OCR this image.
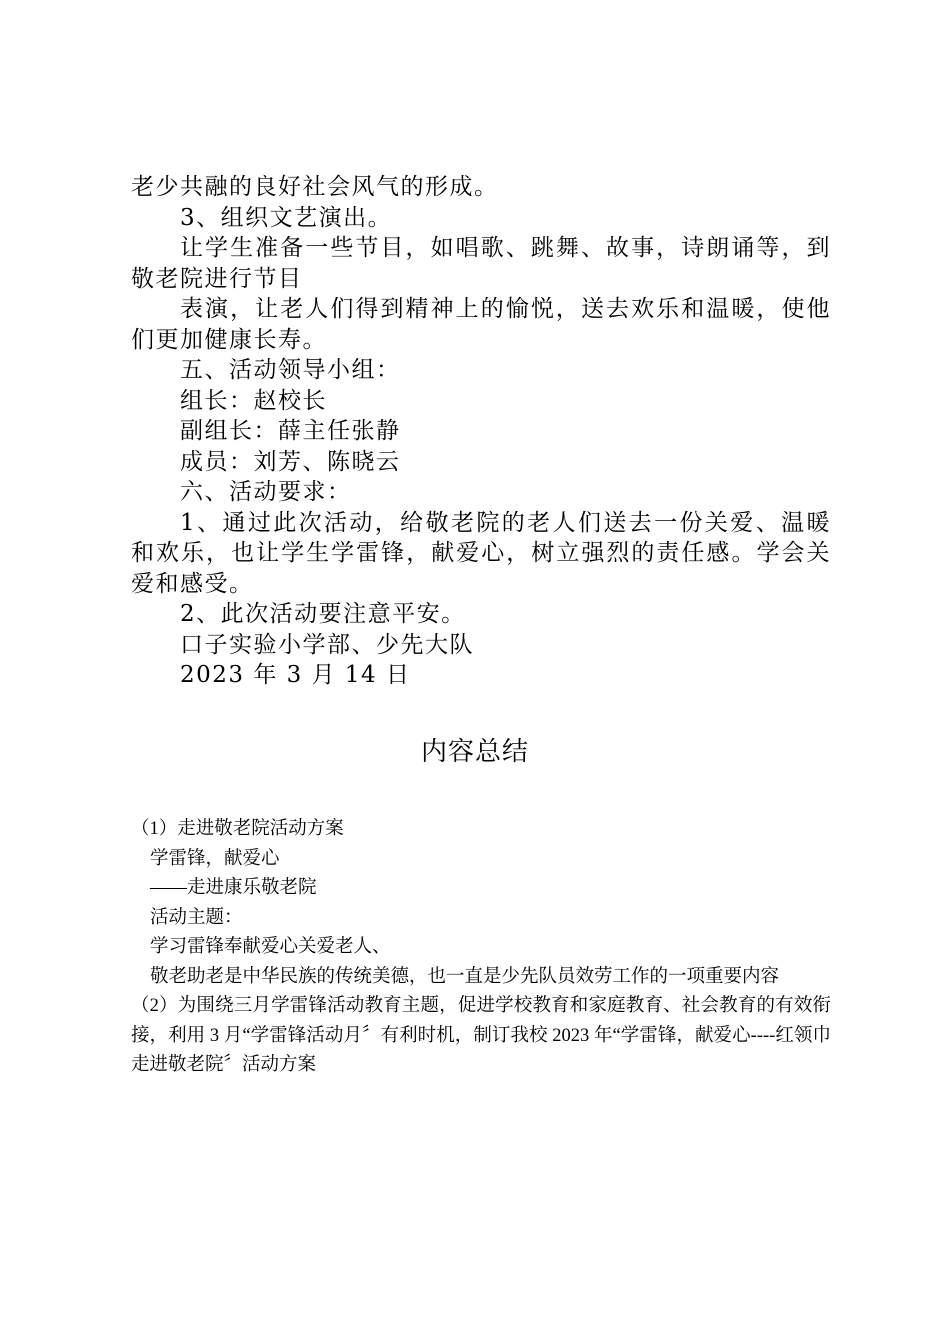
老少共融的良好社会风气的形成。

3、组织文艺演出。

让学生准备一些节目，如唱歌、跳舞、故事，诗朗诵等，到敬老院进行节目

表演，让老人们得到精神上的愉悦，送去欢乐和温暖，使他们更加健康长寿。

五、活动领导小组：

组长：赵校长

副组长：薛主任张静

成员：刘芳、陈晓云

六、活动要求：

1、通过此次活动，给敬老院的老人们送去一份关爱、温暖和欢乐，也让学生学雷锋，献爱心，树立强烈的责任感。学会关爱和感受。

2、此次活动要注意平安。

口子实验小学部、少先大队

2023 年 3 月 14 日

内容总结

（1）走进敬老院活动方案

学雷锋，献爱心

——走进康乐敬老院

活动主题：

学习雷锋奉献爱心关爱老人、

敬老助老是中华民族的传统美德，也一直是少先队员效劳工作的一项重要内容

（2）为围绕三月学雷锋活动教育主题，促进学校教育和家庭教育、社会教育的有效衔接，利用 3 月“学雷锋活动月〞有利时机，制订我校 2023 年“学雷锋，献爱心----红领巾走进敬老院〞活动方案
